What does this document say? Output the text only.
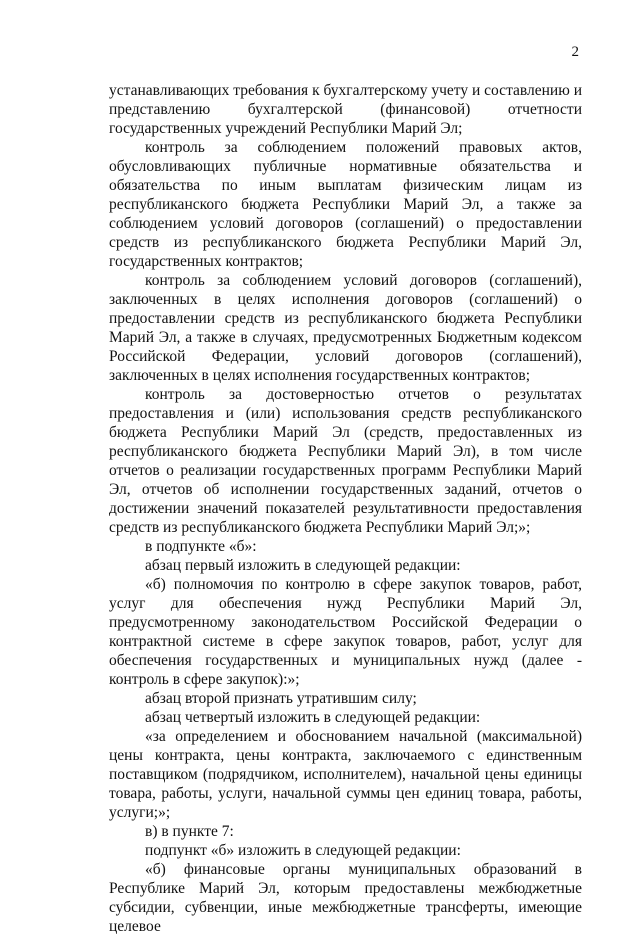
2

устанавливающих требования к бухгалтерскому учету и составлению и представлению бухгалтерской (финансовой) отчетности государственных учреждений Республики Марий Эл;

контроль за соблюдением положений правовых актов, обусловливающих публичные нормативные обязательства и обязательства по иным выплатам физическим лицам из республиканского бюджета Республики Марий Эл, а также за соблюдением условий договоров (соглашений) о предоставлении средств из республиканского бюджета Республики Марий Эл, государственных контрактов;

контроль за соблюдением условий договоров (соглашений), заключенных в целях исполнения договоров (соглашений) о предоставлении средств из республиканского бюджета Республики Марий Эл, а также в случаях, предусмотренных Бюджетным кодексом Российской Федерации, условий договоров (соглашений), заключенных в целях исполнения государственных контрактов;

контроль за достоверностью отчетов о результатах предоставления и (или) использования средств республиканского бюджета Республики Марий Эл (средств, предоставленных из республиканского бюджета Республики Марий Эл), в том числе отчетов о реализации государственных программ Республики Марий Эл, отчетов об исполнении государственных заданий, отчетов о достижении значений показателей результативности предоставления средств из республиканского бюджета Республики Марий Эл;»;

в подпункте «б»:

абзац первый изложить в следующей редакции:

«б) полномочия по контролю в сфере закупок товаров, работ, услуг для обеспечения нужд Республики Марий Эл, предусмотренному законодательством Российской Федерации о контрактной системе в сфере закупок товаров, работ, услуг для обеспечения государственных и муниципальных нужд (далее - контроль в сфере закупок):»;

абзац второй признать утратившим силу;

абзац четвертый изложить в следующей редакции:

«за определением и обоснованием начальной (максимальной) цены контракта, цены контракта, заключаемого с единственным поставщиком (подрядчиком, исполнителем), начальной цены единицы товара, работы, услуги, начальной суммы цен единиц товара, работы, услуги;»;

в) в пункте 7:

подпункт «б» изложить в следующей редакции:

«б) финансовые органы муниципальных образований в Республике Марий Эл, которым предоставлены межбюджетные субсидии, субвенции, иные межбюджетные трансферты, имеющие целевое
